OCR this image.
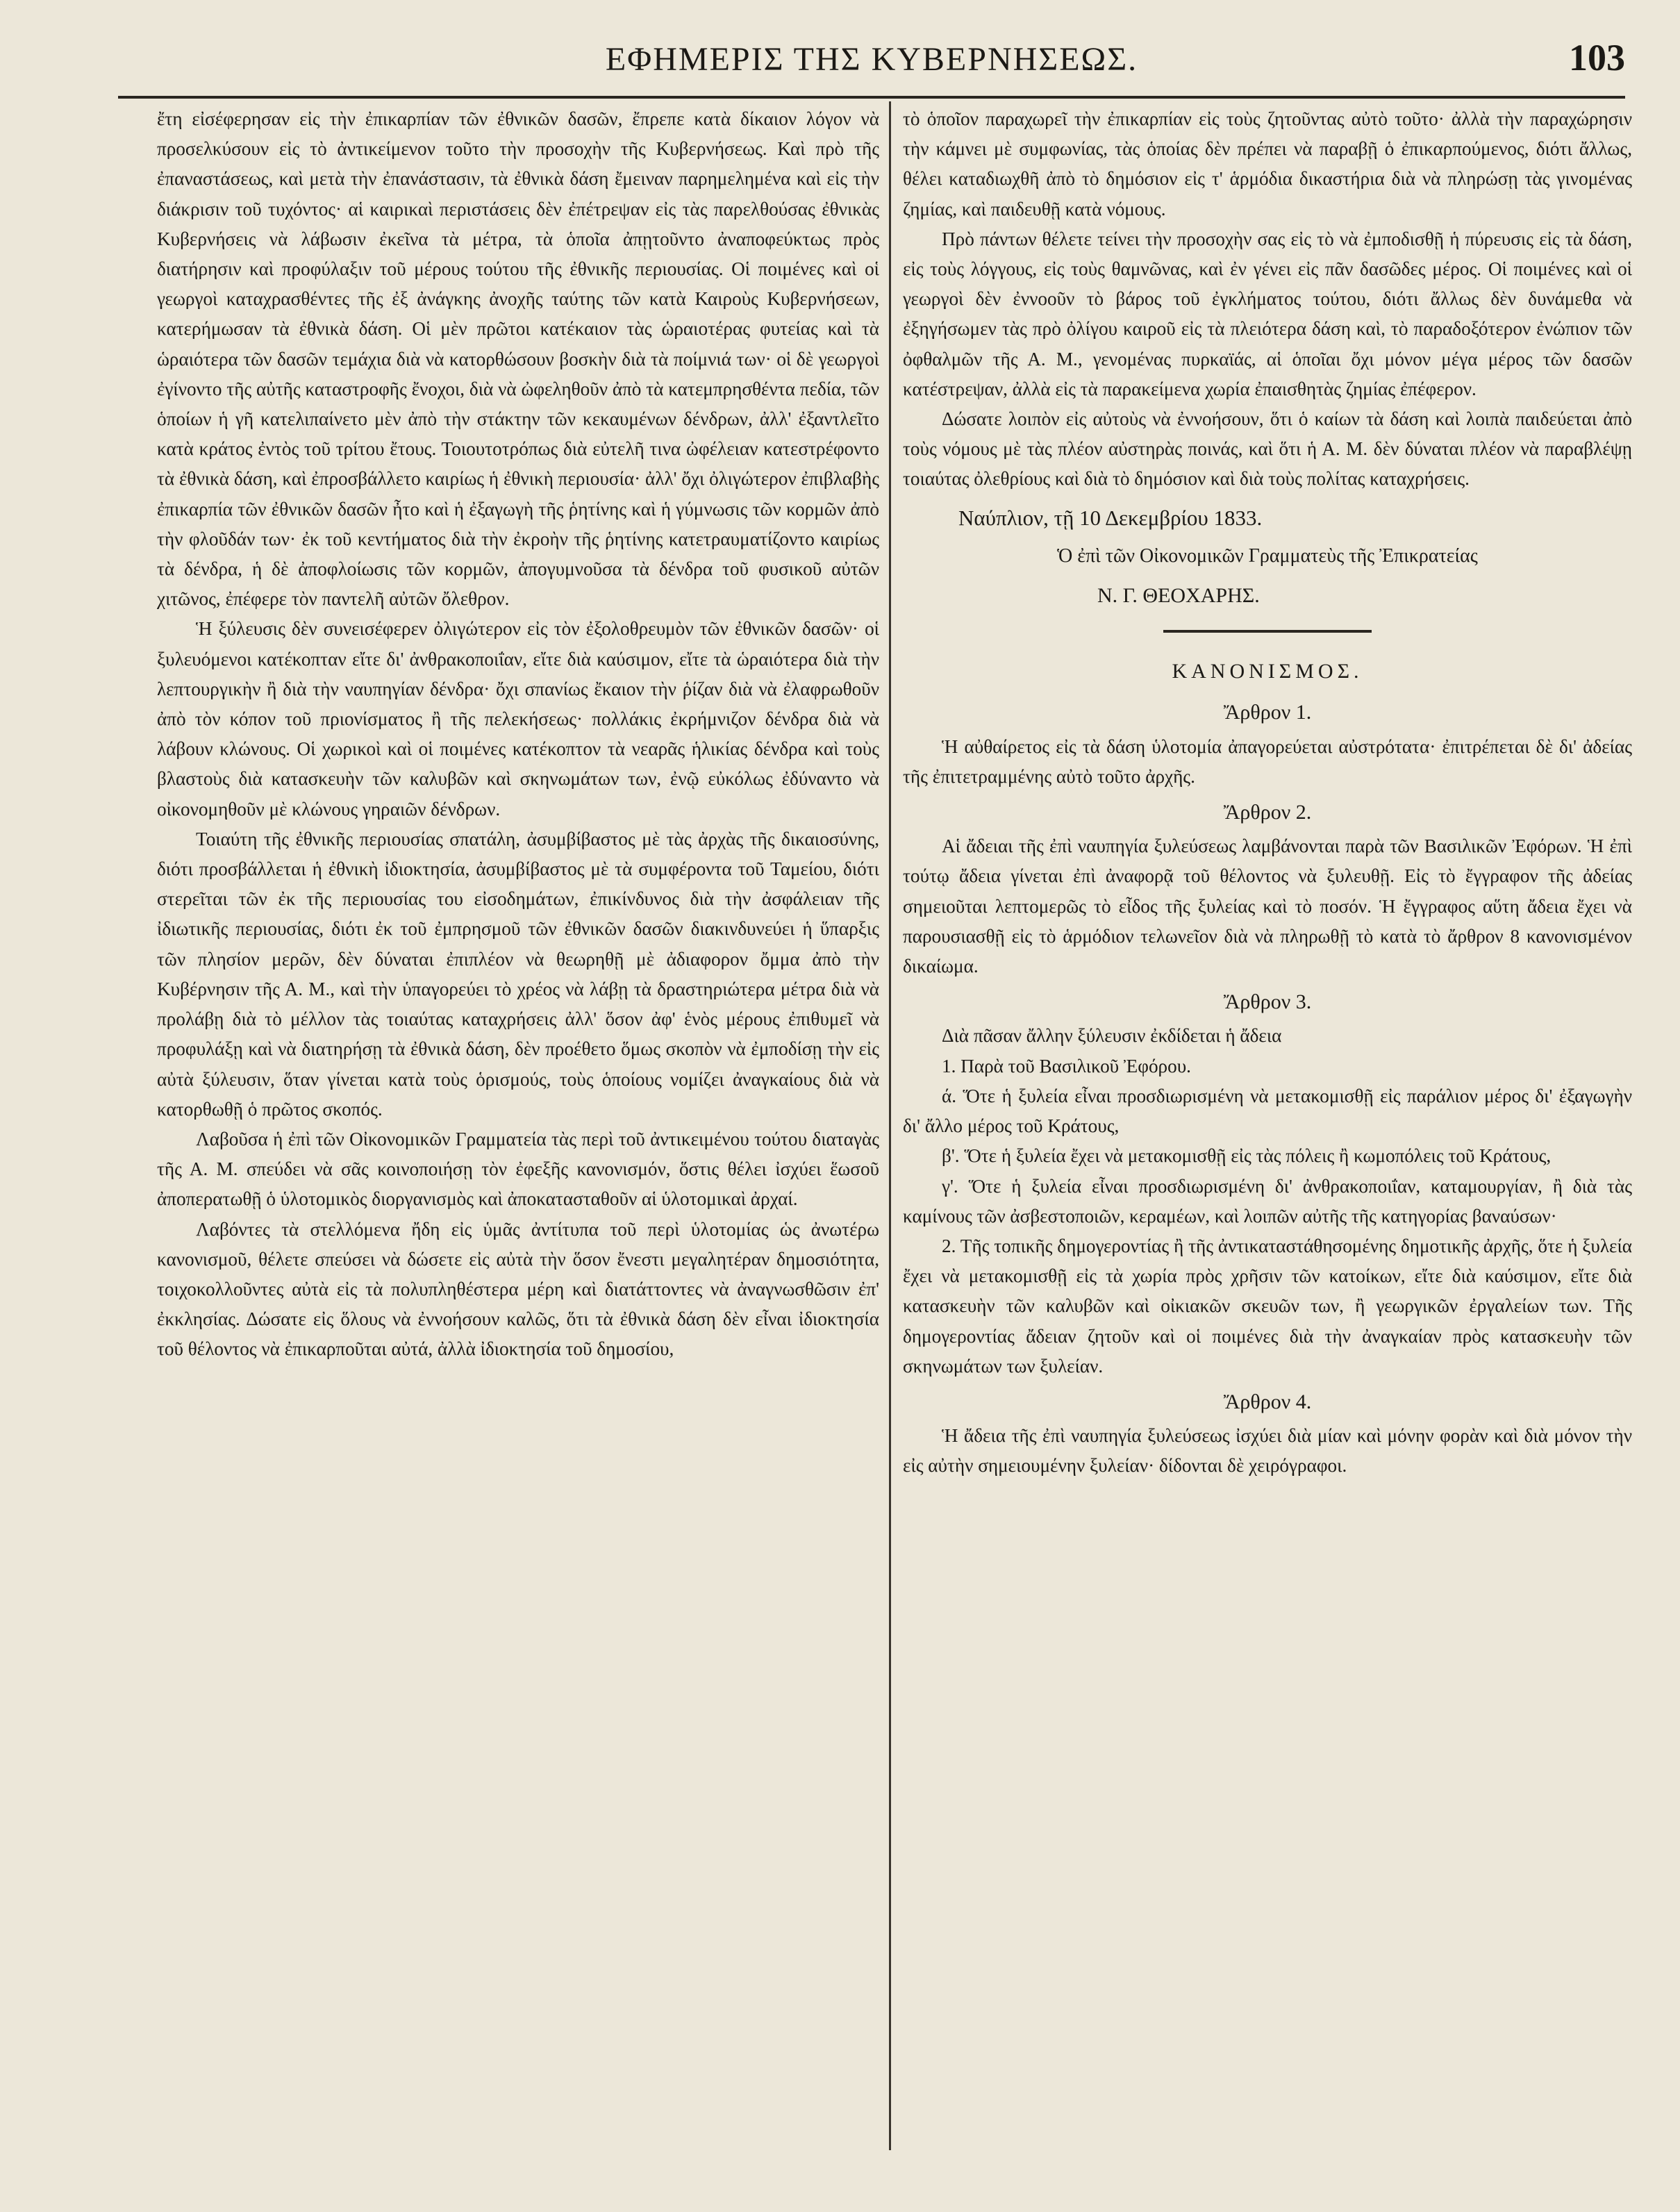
ΕΦΗΜΕΡΙΣ ΤΗΣ ΚΥΒΕΡΝΗΣΕΩΣ.	103

ἔτη εἰσέφερησαν εἰς τὴν ἐπικαρπίαν τῶν ἐθνικῶν δασῶν, ἔπρεπε κατὰ δίκαιον λόγον νὰ προσελκύσουν εἰς τὸ ἀντικείμενον τοῦτο τὴν προσοχὴν τῆς Κυβερνήσεως. Καὶ πρὸ τῆς ἐπαναστάσεως, καὶ μετὰ τὴν ἐπανάστασιν, τὰ ἐθνικὰ δάση ἔμειναν παρημελημένα καὶ εἰς τὴν διάκρισιν τοῦ τυχόντος· αἱ καιρικαὶ περιστάσεις δὲν ἐπέτρεψαν εἰς τὰς παρελθούσας ἐθνικὰς Κυβερνήσεις νὰ λάβωσιν ἐκεῖνα τὰ μέτρα, τὰ ὁποῖα ἀπῃτοῦντο ἀναποφεύκτως πρὸς διατήρησιν καὶ προφύλαξιν τοῦ μέρους τούτου τῆς ἐθνικῆς περιουσίας. Οἱ ποιμένες καὶ οἱ γεωργοὶ καταχρασθέντες τῆς ἐξ ἀνάγκης ἀνοχῆς ταύτης τῶν κατὰ Καιροὺς Κυβερνήσεων, κατερήμωσαν τὰ ἐθνικὰ δάση. Οἱ μὲν πρῶτοι κατέκαιον τὰς ὡραιοτέρας φυτείας καὶ τὰ ὡραιότερα τῶν δασῶν τεμάχια διὰ νὰ κατορθώσουν βοσκὴν διὰ τὰ ποίμνιά των· οἱ δὲ γεωργοὶ ἐγίνοντο τῆς αὐτῆς καταστροφῆς ἔνοχοι, διὰ νὰ ὠφεληθοῦν ἀπὸ τὰ κατεμπρησθέντα πεδία, τῶν ὁποίων ἡ γῆ κατελιπαίνετο μὲν ἀπὸ τὴν στάκτην τῶν κεκαυμένων δένδρων, ἀλλ' ἐξαντλεῖτο κατὰ κράτος ἐντὸς τοῦ τρίτου ἔτους. Τοιουτοτρόπως διὰ εὐτελῆ τινα ὠφέλειαν κατεστρέφοντο τὰ ἐθνικὰ δάση, καὶ ἐπροσβάλλετο καιρίως ἡ ἐθνικὴ περιουσία· ἀλλ' ὄχι ὀλιγώτερον ἐπιβλαβὴς ἐπικαρπία τῶν ἐθνικῶν δασῶν ἦτο καὶ ἡ ἐξαγωγὴ τῆς ῥητίνης καὶ ἡ γύμνωσις τῶν κορμῶν ἀπὸ τὴν φλοῦδάν των· ἐκ τοῦ κεντήματος διὰ τὴν ἐκροὴν τῆς ῥητίνης κατετραυματίζοντο καιρίως τὰ δένδρα, ἡ δὲ ἀποφλοίωσις τῶν κορμῶν, ἀπογυμνοῦσα τὰ δένδρα τοῦ φυσικοῦ αὐτῶν χιτῶνος, ἐπέφερε τὸν παντελῆ αὐτῶν ὄλεθρον.

Ἡ ξύλευσις δὲν συνεισέφερεν ὀλιγώτερον εἰς τὸν ἐξολοθρευμὸν τῶν ἐθνικῶν δασῶν· οἱ ξυλευόμενοι κατέκοπταν εἴτε δι' ἀνθρακοποιΐαν, εἴτε διὰ καύσιμον, εἴτε τὰ ὡραιότερα διὰ τὴν λεπτουργικὴν ἢ διὰ τὴν ναυπηγίαν δένδρα· ὄχι σπανίως ἔκαιον τὴν ῥίζαν διὰ νὰ ἐλαφρωθοῦν ἀπὸ τὸν κόπον τοῦ πριονίσματος ἢ τῆς πελεκήσεως· πολλάκις ἐκρήμνιζον δένδρα διὰ νὰ λάβουν κλώνους. Οἱ χωρικοὶ καὶ οἱ ποιμένες κατέκοπτον τὰ νεαρᾶς ἡλικίας δένδρα καὶ τοὺς βλαστοὺς διὰ κατασκευὴν τῶν καλυβῶν καὶ σκηνωμάτων των, ἐνῷ εὐκόλως ἐδύναντο νὰ οἰκονομηθοῦν μὲ κλώνους γηραιῶν δένδρων.

Τοιαύτη τῆς ἐθνικῆς περιουσίας σπατάλη, ἀσυμβίβαστος μὲ τὰς ἀρχὰς τῆς δικαιοσύνης, διότι προσβάλλεται ἡ ἐθνικὴ ἰδιοκτησία, ἀσυμβίβαστος μὲ τὰ συμφέροντα τοῦ Ταμείου, διότι στερεῖται τῶν ἐκ τῆς περιουσίας του εἰσοδημάτων, ἐπικίνδυνος διὰ τὴν ἀσφάλειαν τῆς ἰδιωτικῆς περιουσίας, διότι ἐκ τοῦ ἐμπρησμοῦ τῶν ἐθνικῶν δασῶν διακινδυνεύει ἡ ὕπαρξις τῶν πλησίον μερῶν, δὲν δύναται ἐπιπλέον νὰ θεωρηθῇ μὲ ἀδιαφορον ὄμμα ἀπὸ τὴν Κυβέρνησιν τῆς Α. Μ., καὶ τὴν ὑπαγορεύει τὸ χρέος νὰ λάβῃ τὰ δραστηριώτερα μέτρα διὰ νὰ προλάβῃ διὰ τὸ μέλλον τὰς τοιαύτας καταχρήσεις ἀλλ' ὅσον ἀφ' ἑνὸς μέρους ἐπιθυμεῖ νὰ προφυλάξῃ καὶ νὰ διατηρήσῃ τὰ ἐθνικὰ δάση, δὲν προέθετο ὅμως σκοπὸν νὰ ἐμποδίσῃ τὴν εἰς αὐτὰ ξύλευσιν, ὅταν γίνεται κατὰ τοὺς ὁρισμούς, τοὺς ὁποίους νομίζει ἀναγκαίους διὰ νὰ κατορθωθῇ ὁ πρῶτος σκοπός.

Λαβοῦσα ἡ ἐπὶ τῶν Οἰκονομικῶν Γραμματεία τὰς περὶ τοῦ ἀντικειμένου τούτου διαταγὰς τῆς Α. Μ. σπεύδει νὰ σᾶς κοινοποιήσῃ τὸν ἐφεξῆς κανονισμόν, ὅστις θέλει ἰσχύει ἕωσοῦ ἀποπερατωθῇ ὁ ὑλοτομικὸς διοργανισμὸς καὶ ἀποκατασταθοῦν αἱ ὑλοτομικαὶ ἀρχαί.

Λαβόντες τὰ στελλόμενα ἤδη εἰς ὑμᾶς ἀντίτυπα τοῦ περὶ ὑλοτομίας ὡς ἀνωτέρω κανονισμοῦ, θέλετε σπεύσει νὰ δώσετε εἰς αὐτὰ τὴν ὅσον ἔνεστι μεγαλητέραν δημοσιότητα, τοιχοκολλοῦντες αὐτὰ εἰς τὰ πολυπληθέστερα μέρη καὶ διατάττοντες νὰ ἀναγνωσθῶσιν ἐπ' ἐκκλησίας. Δώσατε εἰς ὅλους νὰ ἐννοήσουν καλῶς, ὅτι τὰ ἐθνικὰ δάση δὲν εἶναι ἰδιοκτησία τοῦ θέλοντος νὰ ἐπικαρποῦται αὐτά, ἀλλὰ ἰδιοκτησία τοῦ δημοσίου,

τὸ ὁποῖον παραχωρεῖ τὴν ἐπικαρπίαν εἰς τοὺς ζητοῦντας αὐτὸ τοῦτο· ἀλλὰ τὴν παραχώρησιν τὴν κάμνει μὲ συμφωνίας, τὰς ὁποίας δὲν πρέπει νὰ παραβῇ ὁ ἐπικαρπούμενος, διότι ἄλλως, θέλει καταδιωχθῆ ἀπὸ τὸ δημόσιον εἰς τ' ἁρμόδια δικαστήρια διὰ νὰ πληρώσῃ τὰς γινομένας ζημίας, καὶ παιδευθῇ κατὰ νόμους.

Πρὸ πάντων θέλετε τείνει τὴν προσοχὴν σας εἰς τὸ νὰ ἐμποδισθῇ ἡ πύρευσις εἰς τὰ δάση, εἰς τοὺς λόγγους, εἰς τοὺς θαμνῶνας, καὶ ἐν γένει εἰς πᾶν δασῶδες μέρος. Οἱ ποιμένες καὶ οἱ γεωργοὶ δὲν ἐννοοῦν τὸ βάρος τοῦ ἐγκλήματος τούτου, διότι ἄλλως δὲν δυνάμεθα νὰ ἐξηγήσωμεν τὰς πρὸ ὀλίγου καιροῦ εἰς τὰ πλειότερα δάση καὶ, τὸ παραδοξότερον ἐνώπιον τῶν ὀφθαλμῶν τῆς Α. Μ., γενομένας πυρκαϊάς, αἱ ὁποῖαι ὄχι μόνον μέγα μέρος τῶν δασῶν κατέστρεψαν, ἀλλὰ εἰς τὰ παρακείμενα χωρία ἐπαισθητὰς ζημίας ἐπέφερον.

Δώσατε λοιπὸν εἰς αὐτοὺς νὰ ἐννοήσουν, ὅτι ὁ καίων τὰ δάση καὶ λοιπὰ παιδεύεται ἀπὸ τοὺς νόμους μὲ τὰς πλέον αὐστηρὰς ποινάς, καὶ ὅτι ἡ Α. Μ. δὲν δύναται πλέον νὰ παραβλέψῃ τοιαύτας ὀλεθρίους καὶ διὰ τὸ δημόσιον καὶ διὰ τοὺς πολίτας καταχρήσεις.

Ναύπλιον, τῇ 10 Δεκεμβρίου 1833.

Ὁ ἐπὶ τῶν Οἰκονομικῶν Γραμματεὺς τῆς Ἐπικρατείας

Ν. Γ. ΘΕΟΧΑΡΗΣ.

ΚΑΝΟΝΙΣΜΟΣ.

Ἄρθρον 1.

Ἡ αὐθαίρετος εἰς τὰ δάση ὑλοτομία ἀπαγορεύεται αὐστρότατα· ἐπιτρέπεται δὲ δι' ἀδείας τῆς ἐπιτετραμμένης αὐτὸ τοῦτο ἀρχῆς.

Ἄρθρον 2.

Αἱ ἄδειαι τῆς ἐπὶ ναυπηγία ξυλεύσεως λαμβάνονται παρὰ τῶν Βασιλικῶν Ἐφόρων. Ἡ ἐπὶ τούτῳ ἄδεια γίνεται ἐπὶ ἀναφορᾷ τοῦ θέλοντος νὰ ξυλευθῇ. Εἰς τὸ ἔγγραφον τῆς ἀδείας σημειοῦται λεπτομερῶς τὸ εἶδος τῆς ξυλείας καὶ τὸ ποσόν. Ἡ ἔγγραφος αὕτη ἄδεια ἔχει νὰ παρουσιασθῇ εἰς τὸ ἁρμόδιον τελωνεῖον διὰ νὰ πληρωθῇ τὸ κατὰ τὸ ἄρθρον 8 κανονισμένον δικαίωμα.

Ἄρθρον 3.

Διὰ πᾶσαν ἄλλην ξύλευσιν ἐκδίδεται ἡ ἄδεια

1. Παρὰ τοῦ Βασιλικοῦ Ἐφόρου.

ά. Ὅτε ἡ ξυλεία εἶναι προσδιωρισμένη νὰ μετακομισθῇ εἰς παράλιον μέρος δι' ἐξαγωγὴν δι' ἄλλο μέρος τοῦ Κράτους,

β'. Ὅτε ἡ ξυλεία ἔχει νὰ μετακομισθῇ εἰς τὰς πόλεις ἢ κωμοπόλεις τοῦ Κράτους,

γ'. Ὅτε ἡ ξυλεία εἶναι προσδιωρισμένη δι' ἀνθρακοποιΐαν, καταμουργίαν, ἢ διὰ τὰς καμίνους τῶν ἀσβεστοποιῶν, κεραμέων, καὶ λοιπῶν αὐτῆς τῆς κατηγορίας βαναύσων·

2. Τῆς τοπικῆς δημογεροντίας ἢ τῆς ἀντικαταστάθησομένης δημοτικῆς ἀρχῆς, ὅτε ἡ ξυλεία ἔχει νὰ μετακομισθῇ εἰς τὰ χωρία πρὸς χρῆσιν τῶν κατοίκων, εἴτε διὰ καύσιμον, εἴτε διὰ κατασκευὴν τῶν καλυβῶν καὶ οἰκιακῶν σκευῶν των, ἢ γεωργικῶν ἐργαλείων των. Τῆς δημογεροντίας ἄδειαν ζητοῦν καὶ οἱ ποιμένες διὰ τὴν ἀναγκαίαν πρὸς κατασκευὴν τῶν σκηνωμάτων των ξυλείαν.

Ἄρθρον 4.

Ἡ ἄδεια τῆς ἐπὶ ναυπηγία ξυλεύσεως ἰσχύει διὰ μίαν καὶ μόνην φορὰν καὶ διὰ μόνον τὴν εἰς αὐτὴν σημειουμένην ξυλείαν· δίδονται δὲ χειρόγραφοι.
